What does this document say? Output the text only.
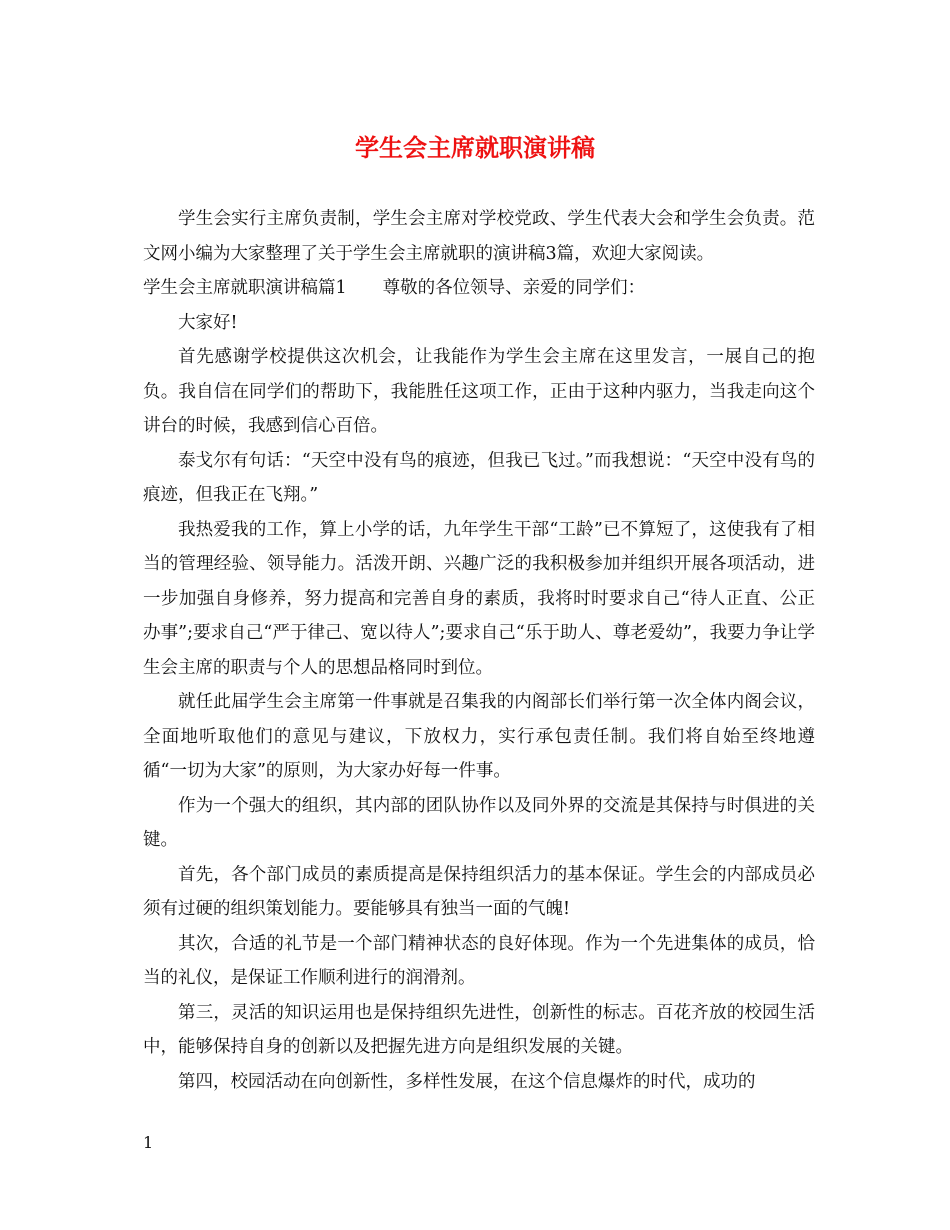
学生会主席就职演讲稿

学生会实行主席负责制，学生会主席对学校党政、学生代表大会和学生会负责。范文网小编为大家整理了关于学生会主席就职的演讲稿3篇，欢迎大家阅读。

学生会主席就职演讲稿篇1 尊敬的各位领导、亲爱的同学们：

大家好!

首先感谢学校提供这次机会，让我能作为学生会主席在这里发言，一展自己的抱负。我自信在同学们的帮助下，我能胜任这项工作，正由于这种内驱力，当我走向这个讲台的时候，我感到信心百倍。

泰戈尔有句话：“天空中没有鸟的痕迹，但我已飞过。”而我想说：“天空中没有鸟的痕迹，但我正在飞翔。”

我热爱我的工作，算上小学的话，九年学生干部“工龄”已不算短了，这使我有了相当的管理经验、领导能力。活泼开朗、兴趣广泛的我积极参加并组织开展各项活动，进一步加强自身修养，努力提高和完善自身的素质，我将时时要求自己“待人正直、公正办事”;要求自己“严于律己、宽以待人”;要求自己“乐于助人、尊老爱幼”，我要力争让学生会主席的职责与个人的思想品格同时到位。

就任此届学生会主席第一件事就是召集我的内阁部长们举行第一次全体内阁会议，全面地听取他们的意见与建议，下放权力，实行承包责任制。我们将自始至终地遵循“一切为大家”的原则，为大家办好每一件事。

作为一个强大的组织，其内部的团队协作以及同外界的交流是其保持与时俱进的关键。

首先，各个部门成员的素质提高是保持组织活力的基本保证。学生会的内部成员必须有过硬的组织策划能力。要能够具有独当一面的气魄!

其次，合适的礼节是一个部门精神状态的良好体现。作为一个先进集体的成员，恰当的礼仪，是保证工作顺利进行的润滑剂。

第三，灵活的知识运用也是保持组织先进性，创新性的标志。百花齐放的校园生活中，能够保持自身的创新以及把握先进方向是组织发展的关键。

第四，校园活动在向创新性，多样性发展，在这个信息爆炸的时代，成功的

1
